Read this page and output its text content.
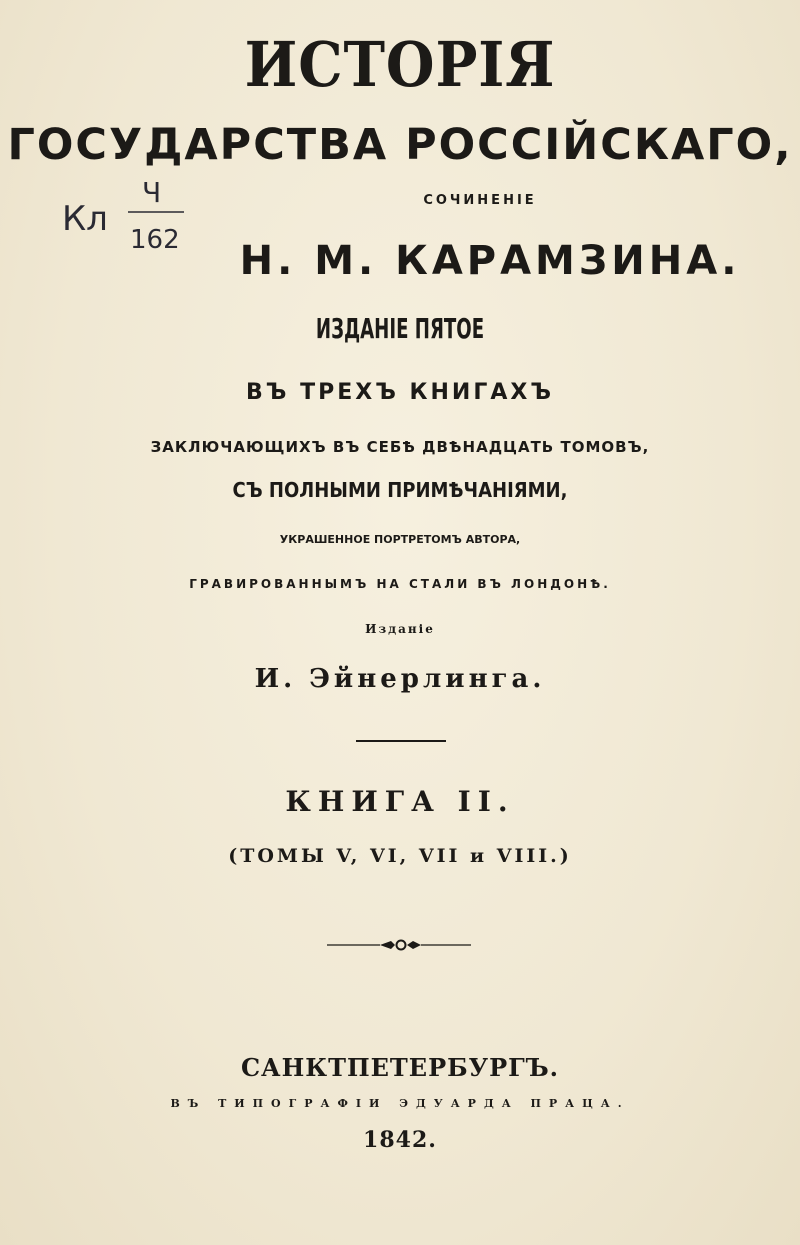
ИСТОРІЯ
ГОСУДАРСТВА РОССІЙСКАГО,
Кл
Ч
162
СОЧИНЕНІЕ
Н. М. КАРАМЗИНА.
ИЗДАНІЕ ПЯТОЕ
ВЪ ТРЕХЪ КНИГАХЪ
ЗАКЛЮЧАЮЩИХЪ ВЪ СЕБѢ ДВѢНАДЦАТЬ ТОМОВЪ,
СЪ ПОЛНЫМИ ПРИМѢЧАНІЯМИ,
УКРАШЕННОЕ ПОРТРЕТОМЪ АВТОРА,
ГРАВИРОВАННЫМЪ НА СТАЛИ ВЪ ЛОНДОНѢ.
Изданіе
И. Эйнерлинга.
КНИГА II.
(ТОМЫ V, VI, VII и VIII.)
САНКТПЕТЕРБУРГЪ.
ВЪ ТИПОГРАФІИ ЭДУАРДА ПРАЦА.
1842.
